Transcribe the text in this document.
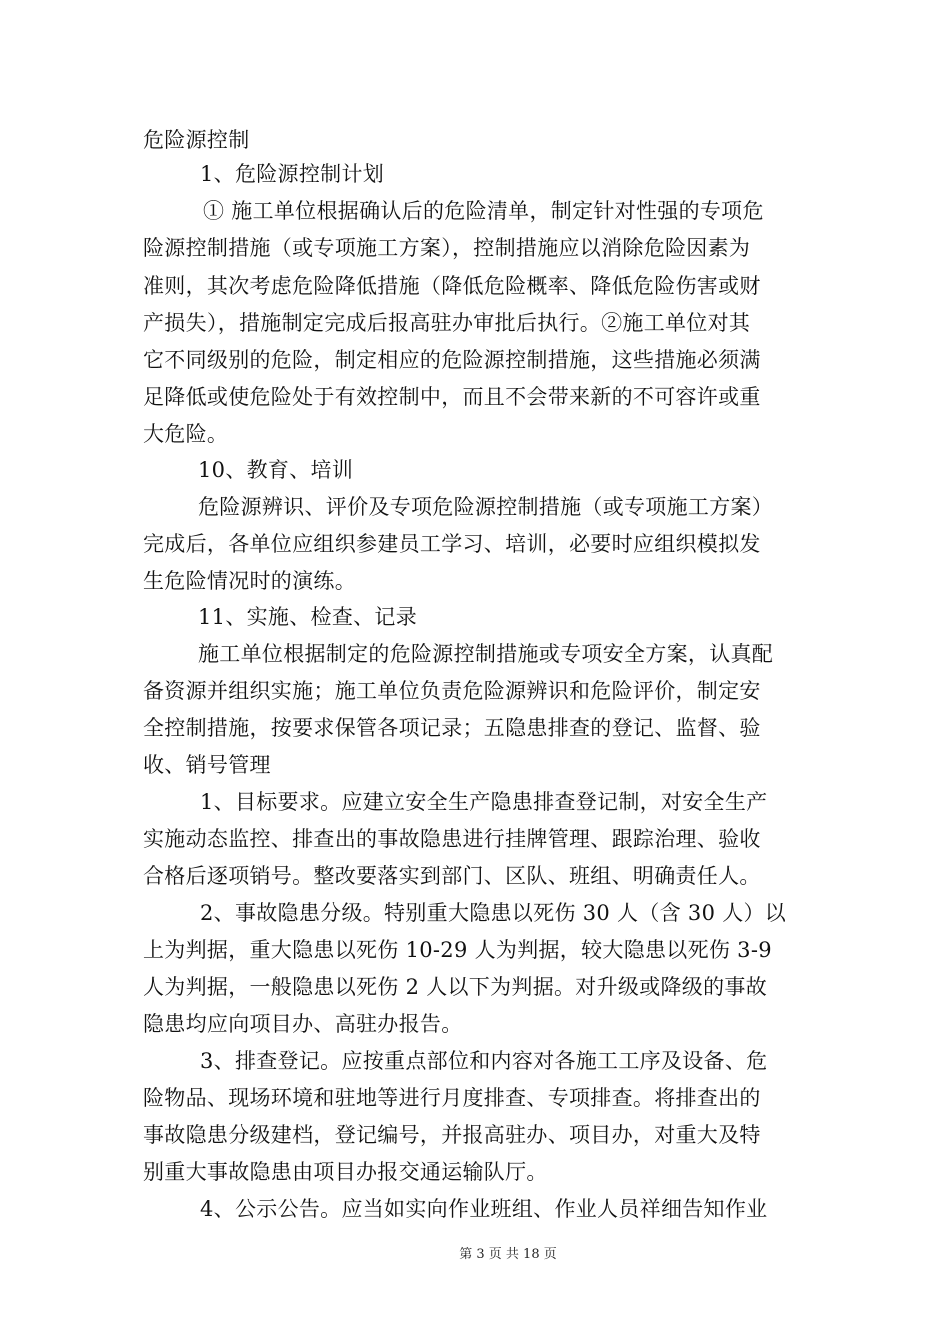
危险源控制
1、危险源控制计划
① 施工单位根据确认后的危险清单，制定针对性强的专项危
险源控制措施（或专项施工方案），控制措施应以消除危险因素为
准则，其次考虑危险降低措施（降低危险概率、降低危险伤害或财
产损失），措施制定完成后报高驻办审批后执行。②施工单位对其
它不同级别的危险，制定相应的危险源控制措施，这些措施必须满
足降低或使危险处于有效控制中，而且不会带来新的不可容许或重
大危险。
10、教育、培训
危险源辨识、评价及专项危险源控制措施（或专项施工方案）
完成后，各单位应组织参建员工学习、培训，必要时应组织模拟发
生危险情况时的演练。
11、实施、检查、记录
施工单位根据制定的危险源控制措施或专项安全方案，认真配
备资源并组织实施；施工单位负责危险源辨识和危险评价，制定安
全控制措施，按要求保管各项记录；五隐患排查的登记、监督、验
收、销号管理
1、目标要求。应建立安全生产隐患排查登记制，对安全生产
实施动态监控、排查出的事故隐患进行挂牌管理、跟踪治理、验收
合格后逐项销号。整改要落实到部门、区队、班组、明确责任人。
2、事故隐患分级。特别重大隐患以死伤 30 人（含 30 人）以
上为判据，重大隐患以死伤 10-29 人为判据，较大隐患以死伤 3-9
人为判据，一般隐患以死伤 2 人以下为判据。对升级或降级的事故
隐患均应向项目办、高驻办报告。
3、排查登记。应按重点部位和内容对各施工工序及设备、危
险物品、现场环境和驻地等进行月度排查、专项排查。将排查出的
事故隐患分级建档，登记编号，并报高驻办、项目办，对重大及特
别重大事故隐患由项目办报交通运输队厅。
4、公示公告。应当如实向作业班组、作业人员祥细告知作业
第 3 页 共 18 页
